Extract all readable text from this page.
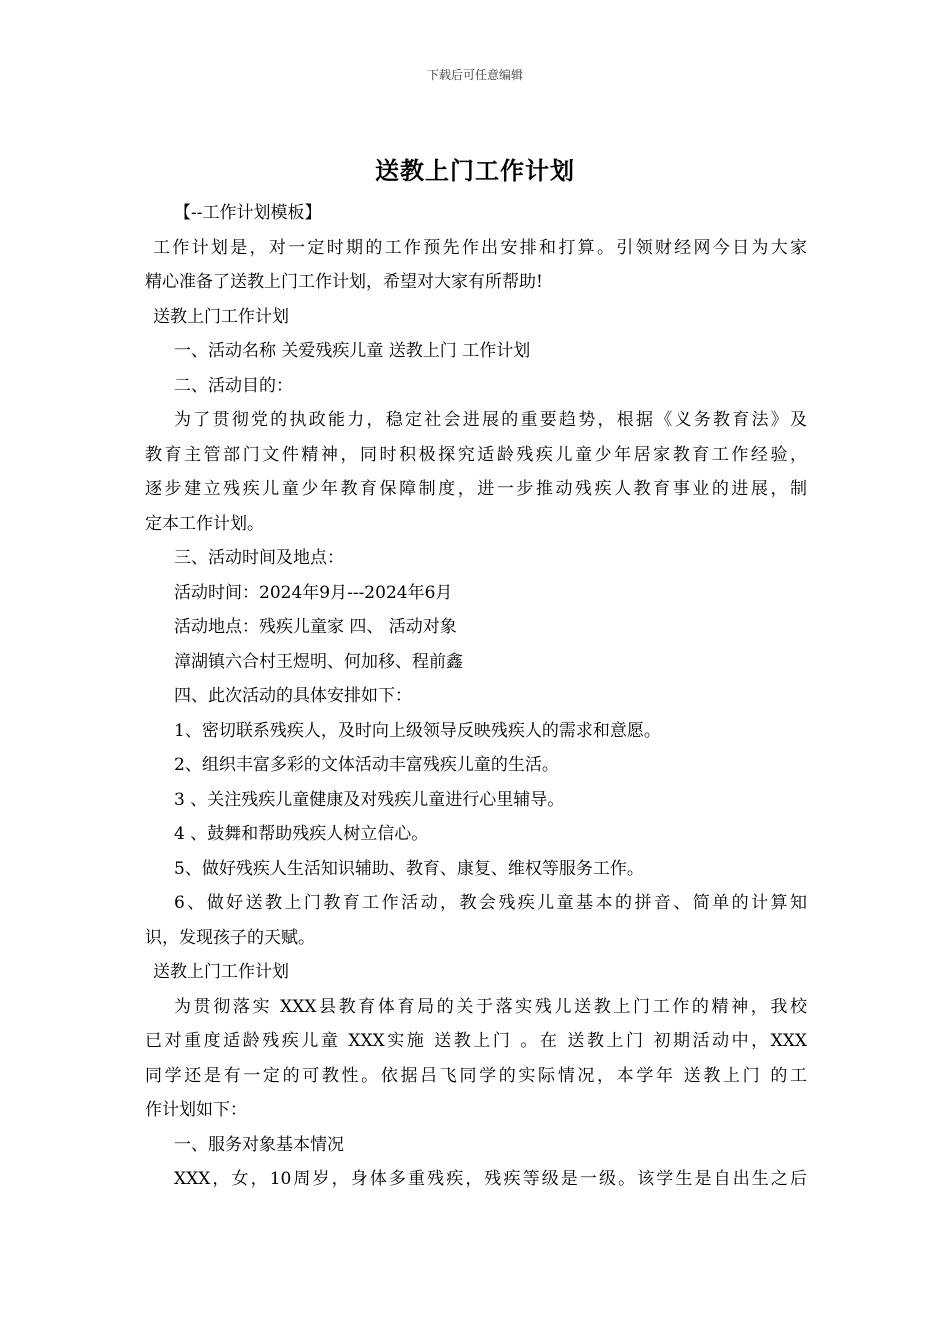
下载后可任意编辑
送教上门工作计划
【--工作计划模板】
工作计划是，对一定时期的工作预先作出安排和打算。引领财经网今日为大家
精心准备了送教上门工作计划，希望对大家有所帮助!
送教上门工作计划
一、活动名称 关爱残疾儿童 送教上门 工作计划
二、活动目的：
为了贯彻党的执政能力，稳定社会进展的重要趋势，根据《义务教育法》及
教育主管部门文件精神，同时积极探究适龄残疾儿童少年居家教育工作经验，
逐步建立残疾儿童少年教育保障制度，进一步推动残疾人教育事业的进展，制
定本工作计划。
三、活动时间及地点：
活动时间：2024年9月---2024年6月
活动地点：残疾儿童家 四、 活动对象
漳湖镇六合村王煜明、何加移、程前鑫
四、此次活动的具体安排如下：
1、密切联系残疾人，及时向上级领导反映残疾人的需求和意愿。
2、组织丰富多彩的文体活动丰富残疾儿童的生活。
3 、关注残疾儿童健康及对残疾儿童进行心里辅导。
4 、鼓舞和帮助残疾人树立信心。
5、做好残疾人生活知识辅助、教育、康复、维权等服务工作。
6、做好送教上门教育工作活动，教会残疾儿童基本的拼音、简单的计算知
识，发现孩子的天赋。
送教上门工作计划
为贯彻落实 XXX县教育体育局的关于落实残儿送教上门工作的精神，我校
已对重度适龄残疾儿童 XXX实施 送教上门 。在 送教上门 初期活动中，XXX
同学还是有一定的可教性。依据吕飞同学的实际情况，本学年 送教上门 的工
作计划如下：
一、服务对象基本情况
XXX，女，10周岁，身体多重残疾，残疾等级是一级。该学生是自出生之后
